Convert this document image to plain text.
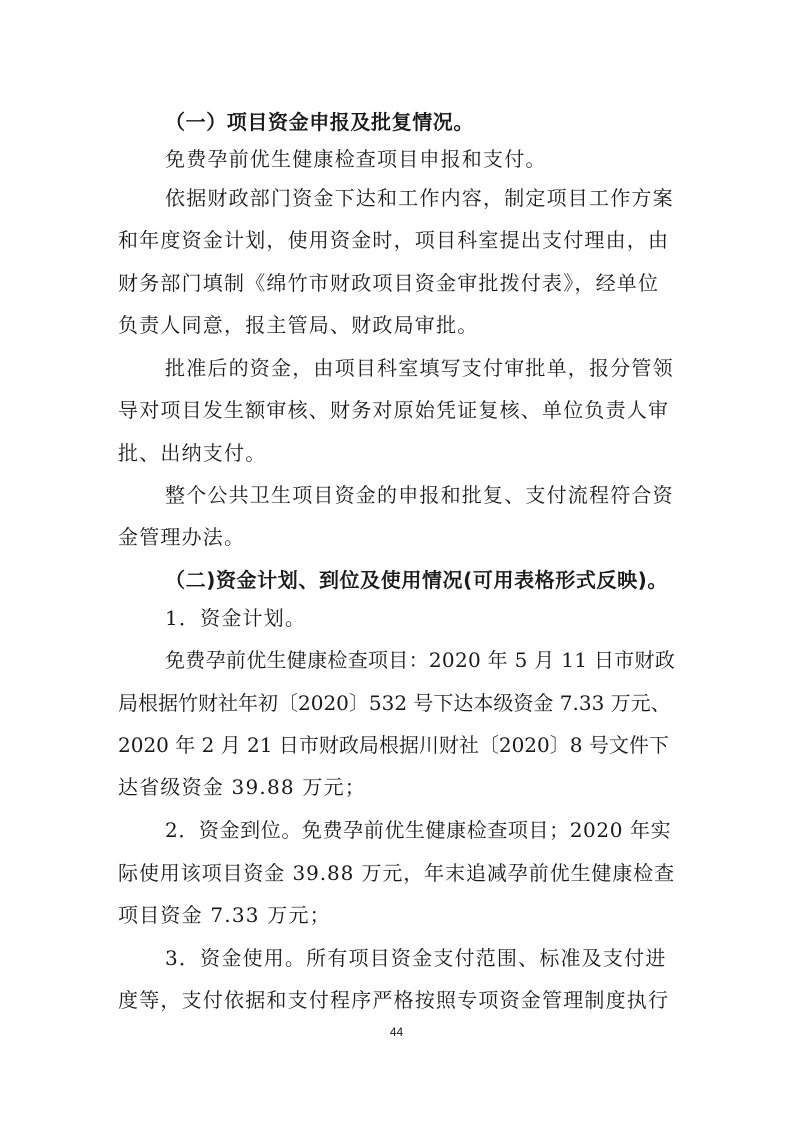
（一）项目资金申报及批复情况。
免费孕前优生健康检查项目申报和支付。
依据财政部门资金下达和工作内容，制定项目工作方案
和年度资金计划，使用资金时，项目科室提出支付理由，由
财务部门填制《绵竹市财政项目资金审批拨付表》，经单位
负责人同意，报主管局、财政局审批。
批准后的资金，由项目科室填写支付审批单，报分管领
导对项目发生额审核、财务对原始凭证复核、单位负责人审
批、出纳支付。
整个公共卫生项目资金的申报和批复、支付流程符合资
金管理办法。
（二)资金计划、到位及使用情况(可用表格形式反映)。
1．资金计划。
免费孕前优生健康检查项目：2020 年 5 月 11 日市财政
局根据竹财社年初〔2020〕532 号下达本级资金 7.33 万元、
2020 年 2 月 21 日市财政局根据川财社〔2020〕8 号文件下
达省级资金 39.88 万元；
2．资金到位。免费孕前优生健康检查项目；2020 年实
际使用该项目资金 39.88 万元，年末追减孕前优生健康检查
项目资金 7.33 万元；
3．资金使用。所有项目资金支付范围、标准及支付进
度等，支付依据和支付程序严格按照专项资金管理制度执行
44
